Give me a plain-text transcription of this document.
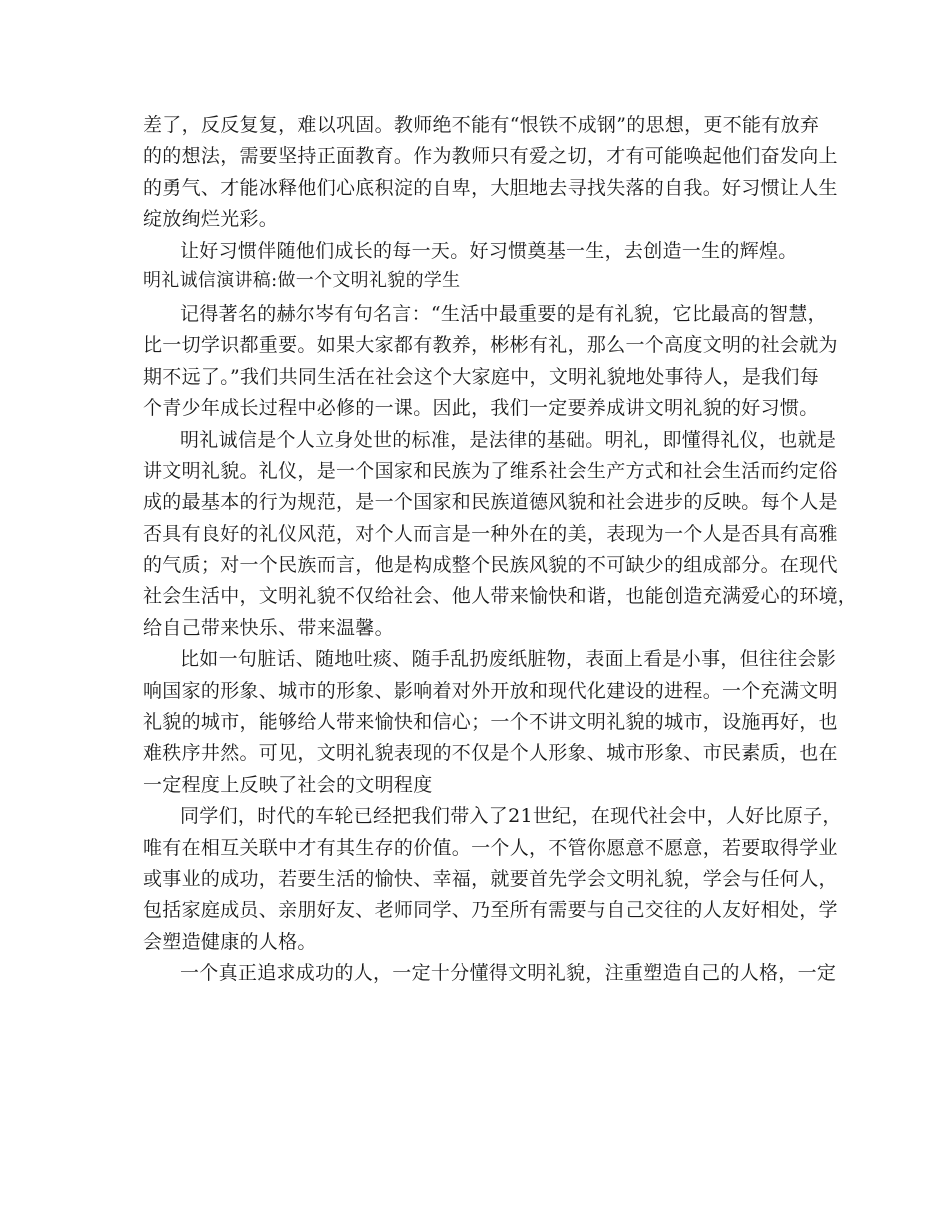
差了，反反复复，难以巩固。教师绝不能有“恨铁不成钢”的思想，更不能有放弃
的的想法，需要坚持正面教育。作为教师只有爱之切，才有可能唤起他们奋发向上
的勇气、才能冰释他们心底积淀的自卑，大胆地去寻找失落的自我。好习惯让人生
绽放绚烂光彩。
让好习惯伴随他们成长的每一天。好习惯奠基一生，去创造一生的辉煌。
明礼诚信演讲稿:做一个文明礼貌的学生
记得著名的赫尔岑有句名言：“生活中最重要的是有礼貌，它比最高的智慧，
比一切学识都重要。如果大家都有教养，彬彬有礼，那么一个高度文明的社会就为
期不远了。”我们共同生活在社会这个大家庭中，文明礼貌地处事待人，是我们每
个青少年成长过程中必修的一课。因此，我们一定要养成讲文明礼貌的好习惯。
明礼诚信是个人立身处世的标准，是法律的基础。明礼，即懂得礼仪，也就是
讲文明礼貌。礼仪，是一个国家和民族为了维系社会生产方式和社会生活而约定俗
成的最基本的行为规范，是一个国家和民族道德风貌和社会进步的反映。每个人是
否具有良好的礼仪风范，对个人而言是一种外在的美，表现为一个人是否具有高雅
的气质；对一个民族而言，他是构成整个民族风貌的不可缺少的组成部分。在现代
社会生活中，文明礼貌不仅给社会、他人带来愉快和谐，也能创造充满爱心的环境，
给自己带来快乐、带来温馨。
比如一句脏话、随地吐痰、随手乱扔废纸脏物，表面上看是小事，但往往会影
响国家的形象、城市的形象、影响着对外开放和现代化建设的进程。一个充满文明
礼貌的城市，能够给人带来愉快和信心；一个不讲文明礼貌的城市，设施再好，也
难秩序井然。可见，文明礼貌表现的不仅是个人形象、城市形象、市民素质，也在
一定程度上反映了社会的文明程度
同学们，时代的车轮已经把我们带入了21世纪，在现代社会中，人好比原子，
唯有在相互关联中才有其生存的价值。一个人，不管你愿意不愿意，若要取得学业
或事业的成功，若要生活的愉快、幸福，就要首先学会文明礼貌，学会与任何人，
包括家庭成员、亲朋好友、老师同学、乃至所有需要与自己交往的人友好相处，学
会塑造健康的人格。
一个真正追求成功的人，一定十分懂得文明礼貌，注重塑造自己的人格，一定
